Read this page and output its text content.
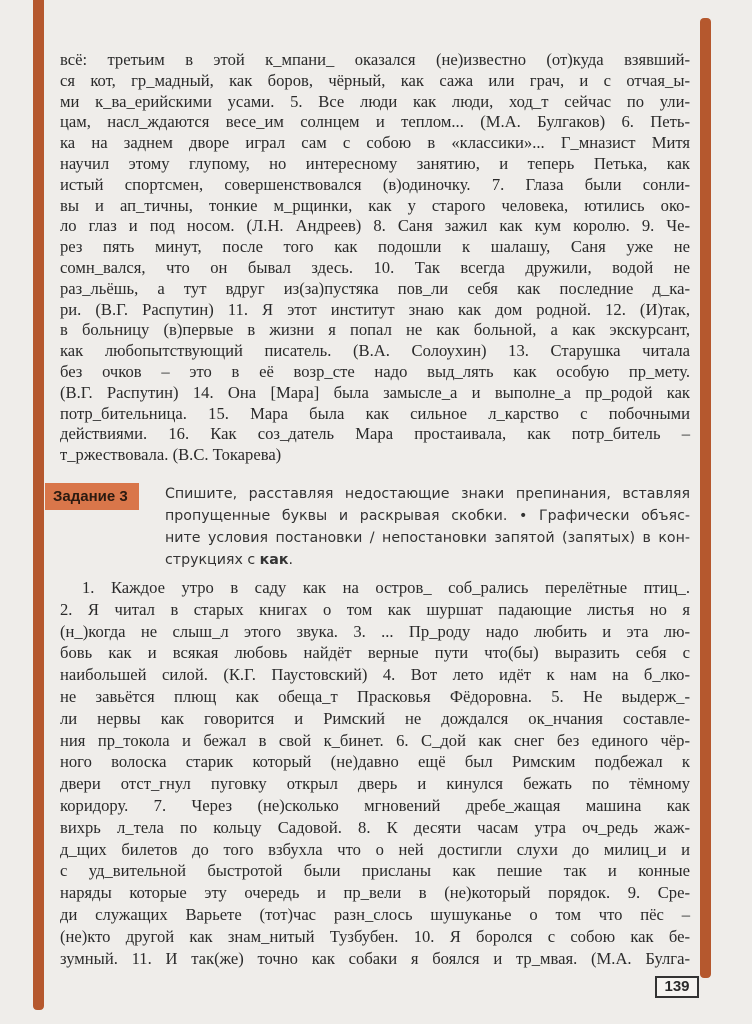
всё: третьим в этой к_мпани_ оказался (не)известно (от)куда взявший-
ся кот, гр_мадный, как боров, чёрный, как сажа или грач, и с отчая_ы-
ми к_ва_ерийскими усами. 5. Все люди как люди, ход_т сейчас по ули-
цам, насл_ждаются весе_им солнцем и теплом... (М.А. Булгаков) 6. Петь-
ка на заднем дворе играл сам с собою в «классики»... Г_мназист Митя
научил этому глупому, но интересному занятию, и теперь Петька, как
истый спортсмен, совершенствовался (в)одиночку. 7. Глаза были сонли-
вы и ап_тичны, тонкие м_рщинки, как у старого человека, ютились око-
ло глаз и под носом. (Л.Н. Андреев) 8. Саня зажил как кум королю. 9. Че-
рез пять минут, после того как подошли к шалашу, Саня уже не
сомн_вался, что он бывал здесь. 10. Так всегда дружили, водой не
раз_льёшь, а тут вдруг из(за)пустяка пов_ли себя как последние д_ка-
ри. (В.Г. Распутин) 11. Я этот институт знаю как дом родной. 12. (И)так,
в больницу (в)первые в жизни я попал не как больной, а как экскурсант,
как любопытствующий писатель. (В.А. Солоухин) 13. Старушка читала
без очков – это в её возр_сте надо выд_лять как особую пр_мету.
(В.Г. Распутин) 14. Она [Мара] была замысле_а и выполне_а пр_родой как
потр_бительница. 15. Мара была как сильное л_карство с побочными
действиями. 16. Как соз_датель Мара простаивала, как потр_битель –
т_ржествовала. (В.С. Токарева)
Задание 3	Спишите, расставляя недостающие знаки препинания, вставляя
пропущенные буквы и раскрывая скобки. • Графически объяс-
ните условия постановки / непостановки запятой (запятых) в кон-
струкциях с как.
1. Каждое утро в саду как на остров_ соб_рались перелётные птиц_.
2. Я читал в старых книгах о том как шуршат падающие листья но я
(н_)когда не слыш_л этого звука. 3. ... Пр_роду надо любить и эта лю-
бовь как и всякая любовь найдёт верные пути что(бы) выразить себя с
наибольшей силой. (К.Г. Паустовский) 4. Вот лето идёт к нам на б_лко-
не завьётся плющ как обеща_т Прасковья Фёдоровна. 5. Не выдерж_-
ли нервы как говорится и Римский не дождался ок_нчания составле-
ния пр_токола и бежал в свой к_бинет. 6. С_дой как снег без единого чёр-
ного волоска старик который (не)давно ещё был Римским подбежал к
двери отст_гнул пуговку открыл дверь и кинулся бежать по тёмному
коридору. 7. Через (не)сколько мгновений дребе_жащая машина как
вихрь л_тела по кольцу Садовой. 8. К десяти часам утра оч_редь жаж-
д_щих билетов до того взбухла что о ней достигли слухи до милиц_и и
с уд_вительной быстротой были присланы как пешие так и конные
наряды которые эту очередь и пр_вели в (не)который порядок. 9. Сре-
ди служащих Варьете (тот)час разн_слось шушуканье о том что пёс –
(не)кто другой как знам_нитый Тузбубен. 10. Я боролся с собою как бе-
зумный. 11. И так(же) точно как собаки я боялся и тр_мвая. (М.А. Булга-
139
